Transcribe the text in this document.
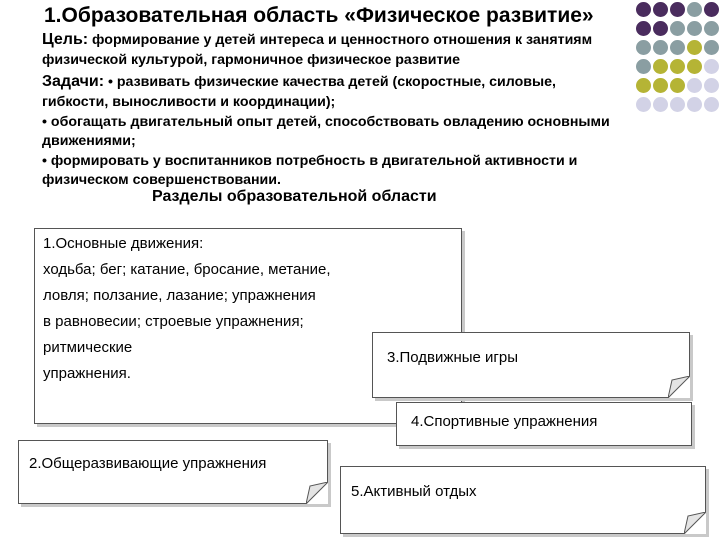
1.Образовательная область «Физическое развитие»
Цель: формирование у детей интереса и ценностного отношения к занятиям
физической культурой, гармоничное физическое развитие
Задачи: • развивать физические качества детей (скоростные, силовые,
гибкости, выносливости и координации);
• обогащать двигательный опыт детей, способствовать овладению основными
движениями;
• формировать у воспитанников потребность в двигательной активности и
физическом совершенствовании.
Разделы образовательной области
1.Основные движения:
ходьба; бег; катание, бросание, метание,
ловля; ползание, лазание; упражнения
в равновесии; строевые упражнения;
ритмические
упражнения.
3.Подвижные игры
4.Спортивные упражнения
2.Общеразвивающие упражнения
5.Активный отдых
